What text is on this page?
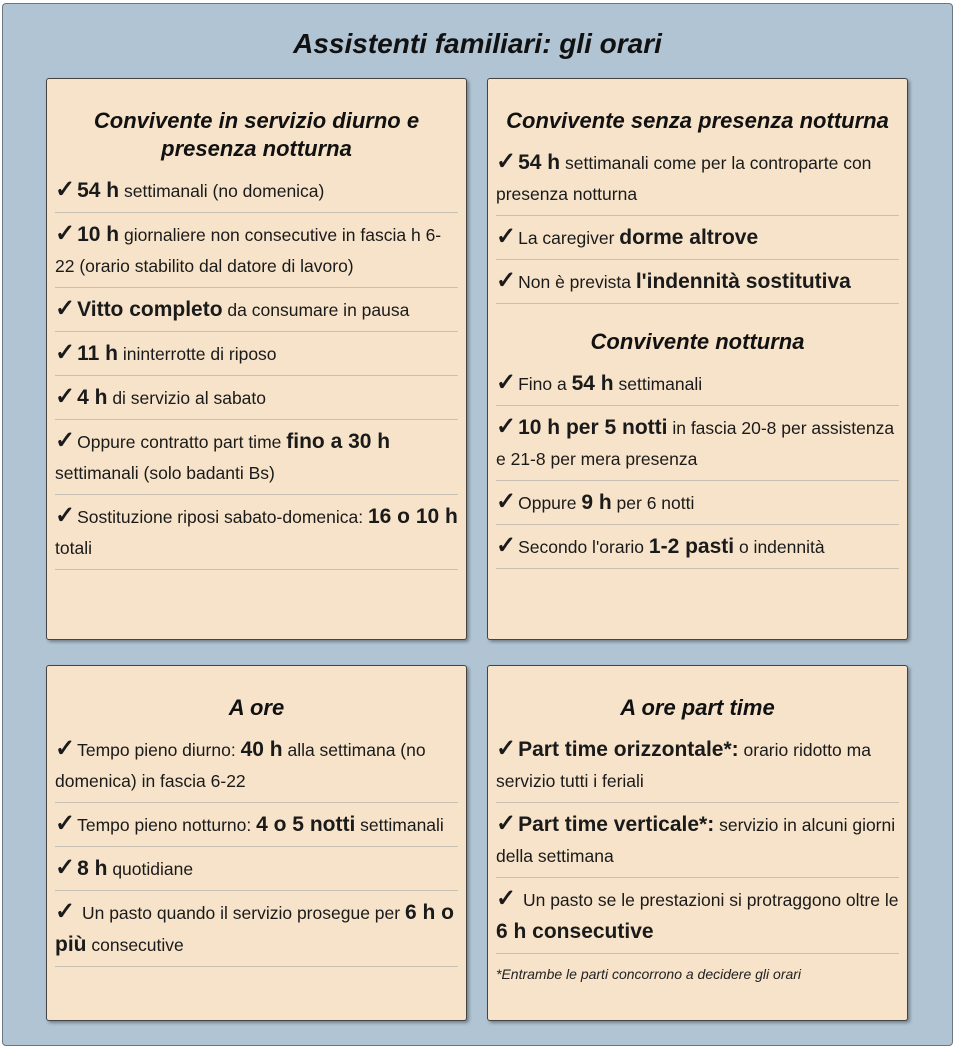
Assistenti familiari: gli orari
Convivente in servizio diurno e presenza notturna
✓54 h settimanali (no domenica)
✓10 h giornaliere non consecutive in fascia h 6-22 (orario stabilito dal datore di lavoro)
✓Vitto completo da consumare in pausa
✓11 h ininterrotte di riposo
✓4 h di servizio al sabato
✓ Oppure contratto part time fino a 30 h settimanali (solo badanti Bs)
✓ Sostituzione riposi sabato-domenica: 16 o 10 h totali
Convivente senza presenza notturna
✓54 h settimanali come per la controparte con presenza notturna
✓ La caregiver dorme altrove
✓ Non è prevista l'indennità sostitutiva
Convivente notturna
✓ Fino a 54 h settimanali
✓10 h per 5 notti in fascia 20-8 per assistenza e 21-8 per mera presenza
✓ Oppure 9 h per 6 notti
✓ Secondo l'orario 1-2 pasti o indennità
A ore
✓ Tempo pieno diurno: 40 h alla settimana (no domenica) in fascia 6-22
✓ Tempo pieno notturno: 4 o 5 notti settimanali
✓8 h quotidiane
✓ Un pasto quando il servizio prosegue per 6 h o più consecutive
A ore part time
✓Part time orizzontale*: orario ridotto ma servizio tutti i feriali
✓Part time verticale*: servizio in alcuni giorni della settimana
✓ Un pasto se le prestazioni si protraggono oltre le 6 h consecutive
*Entrambe le parti concorrono a decidere gli orari
